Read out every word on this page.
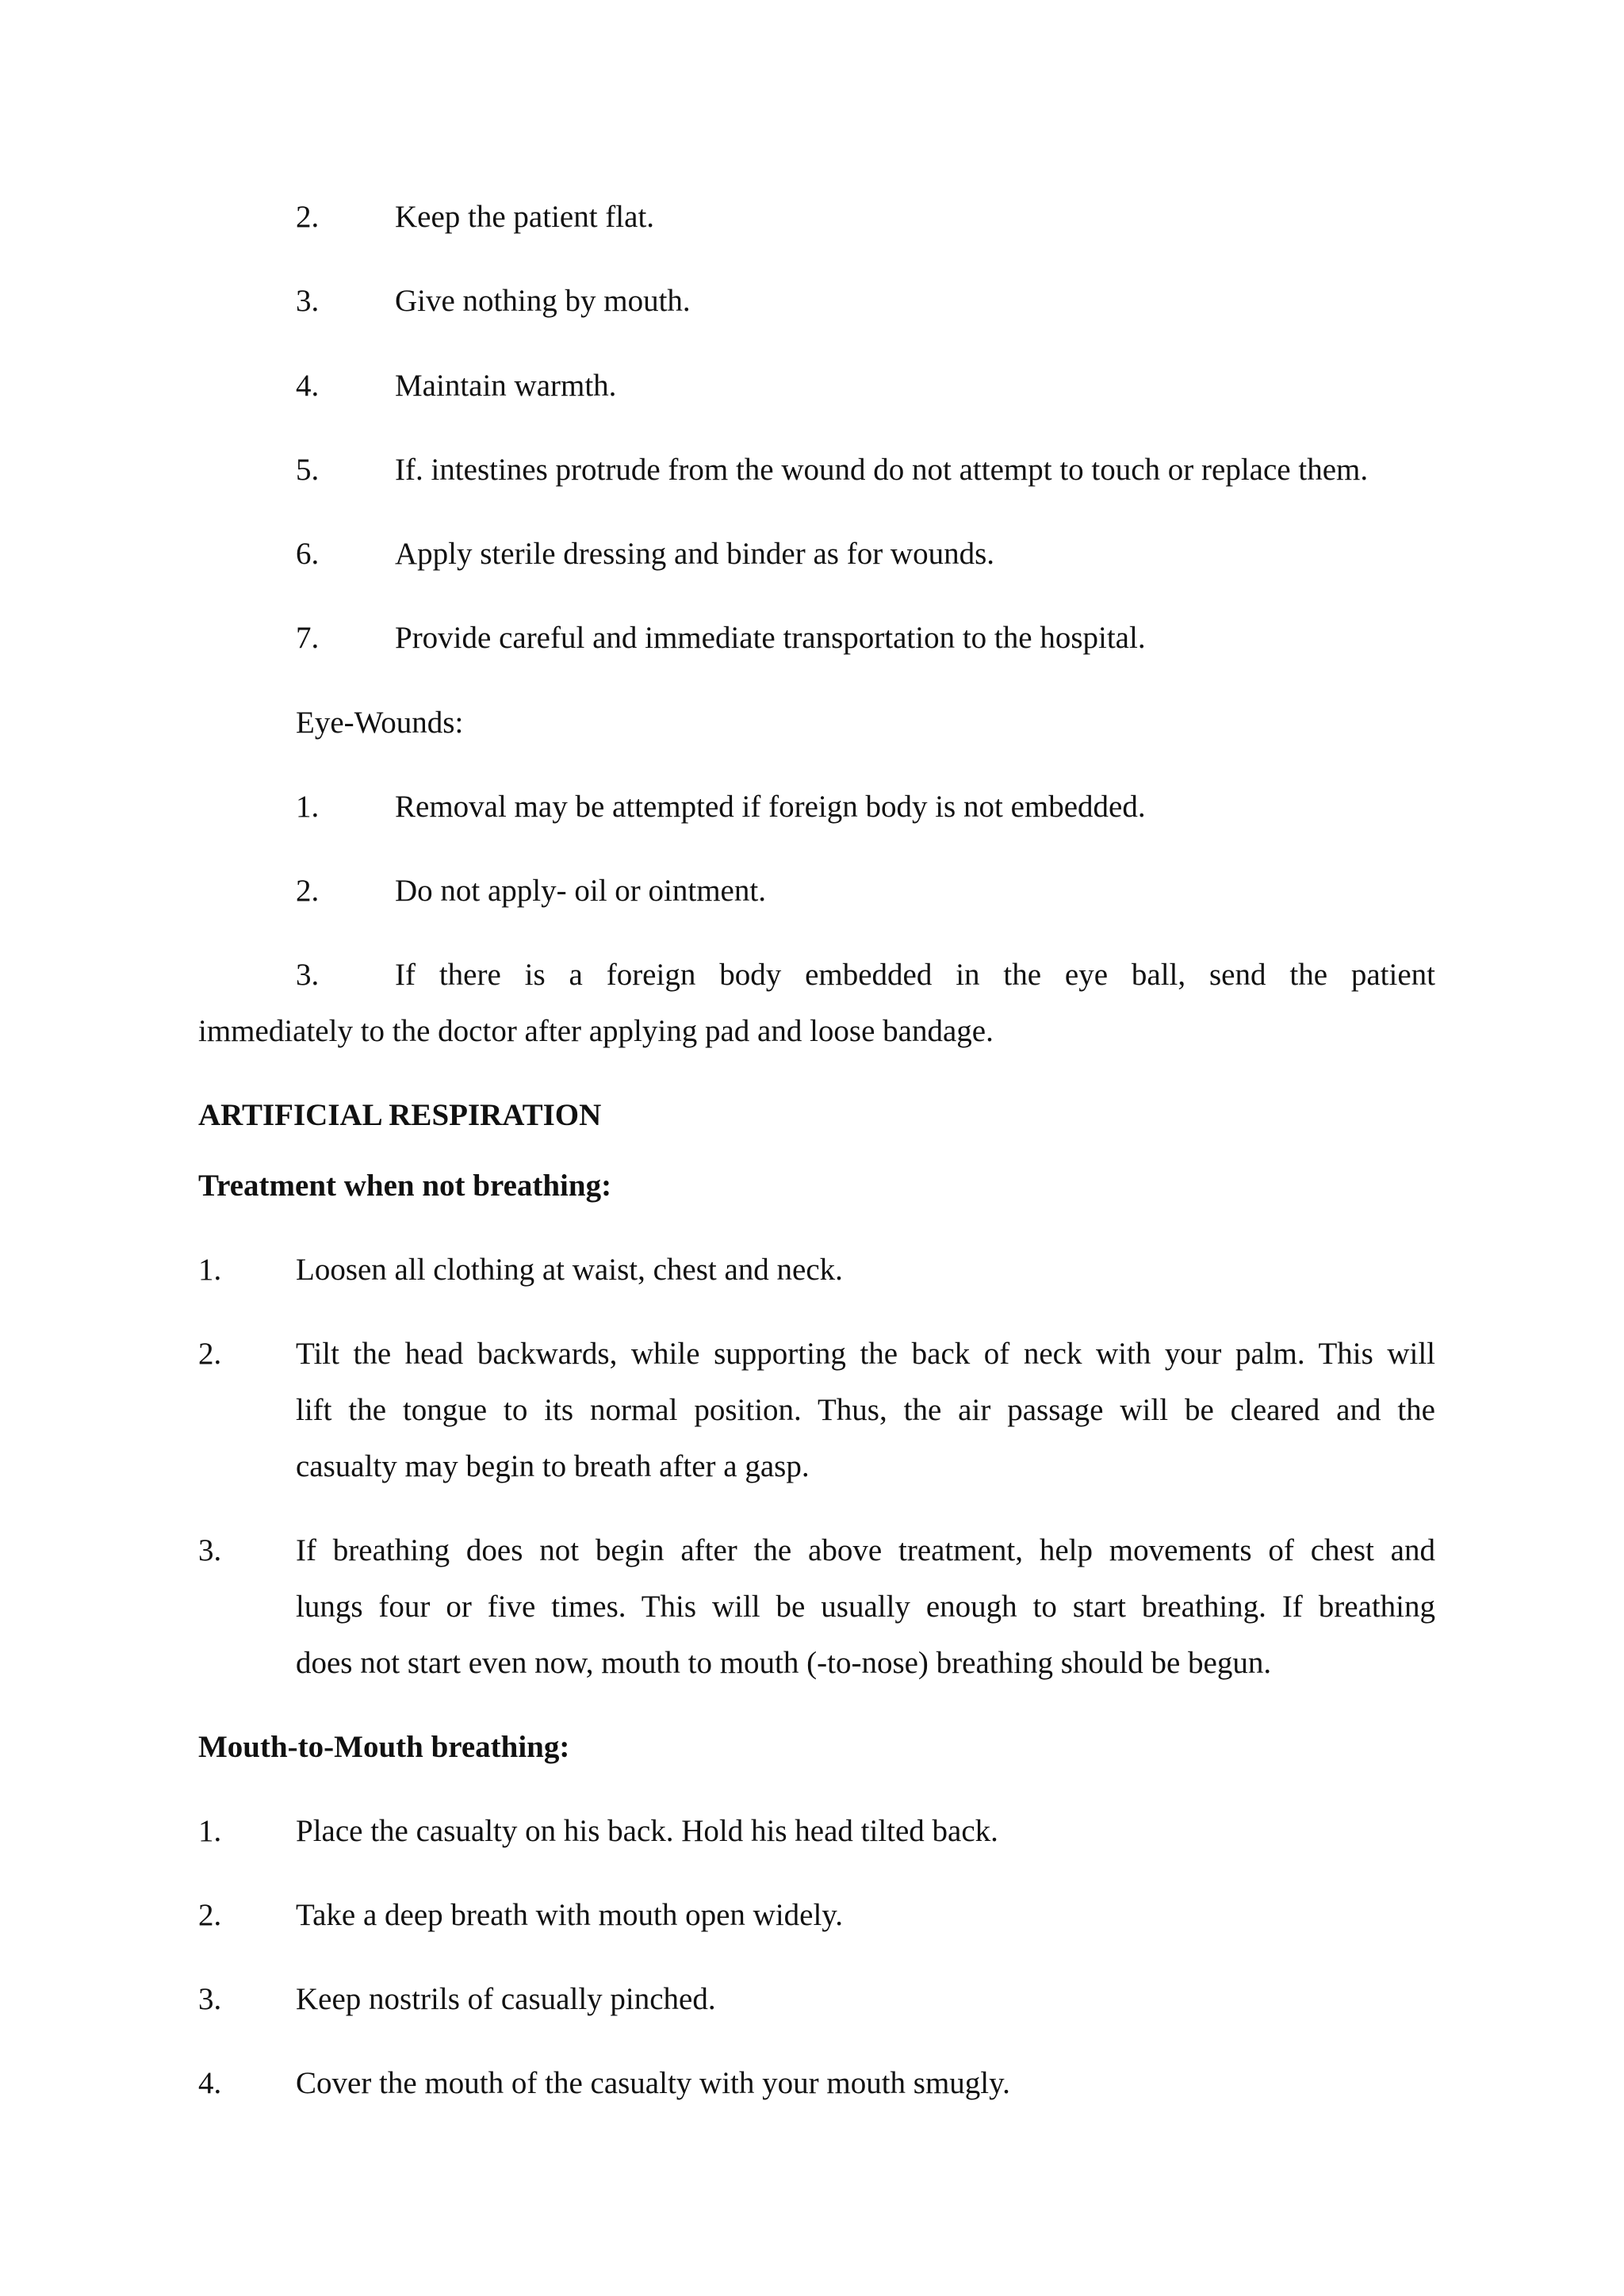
2. Keep the patient flat.
3. Give nothing by mouth.
4. Maintain warmth.
5. If. intestines protrude from the wound do not attempt to touch or replace them.
6. Apply sterile dressing and binder as for wounds.
7. Provide careful and immediate transportation to the hospital.
Eye-Wounds:
1. Removal may be attempted if foreign body is not embedded.
2. Do not apply- oil or ointment.
3. If there is a foreign body embedded in the eye ball, send the patient
immediately to the doctor after applying pad and loose bandage.
ARTIFICIAL RESPIRATION
Treatment when not breathing:
1. Loosen all clothing at waist, chest and neck.
2. Tilt the head backwards, while supporting the back of neck with your palm. This will
lift the tongue to its normal position. Thus, the air passage will be cleared and the
casualty may begin to breath after a gasp.
3. If breathing does not begin after the above treatment, help movements of chest and
lungs four or five times. This will be usually enough to start breathing. If breathing
does not start even now, mouth to mouth (-to-nose) breathing should be begun.
Mouth-to-Mouth breathing:
1. Place the casualty on his back. Hold his head tilted back.
2. Take a deep breath with mouth open widely.
3. Keep nostrils of casually pinched.
4. Cover the mouth of the casualty with your mouth smugly.
